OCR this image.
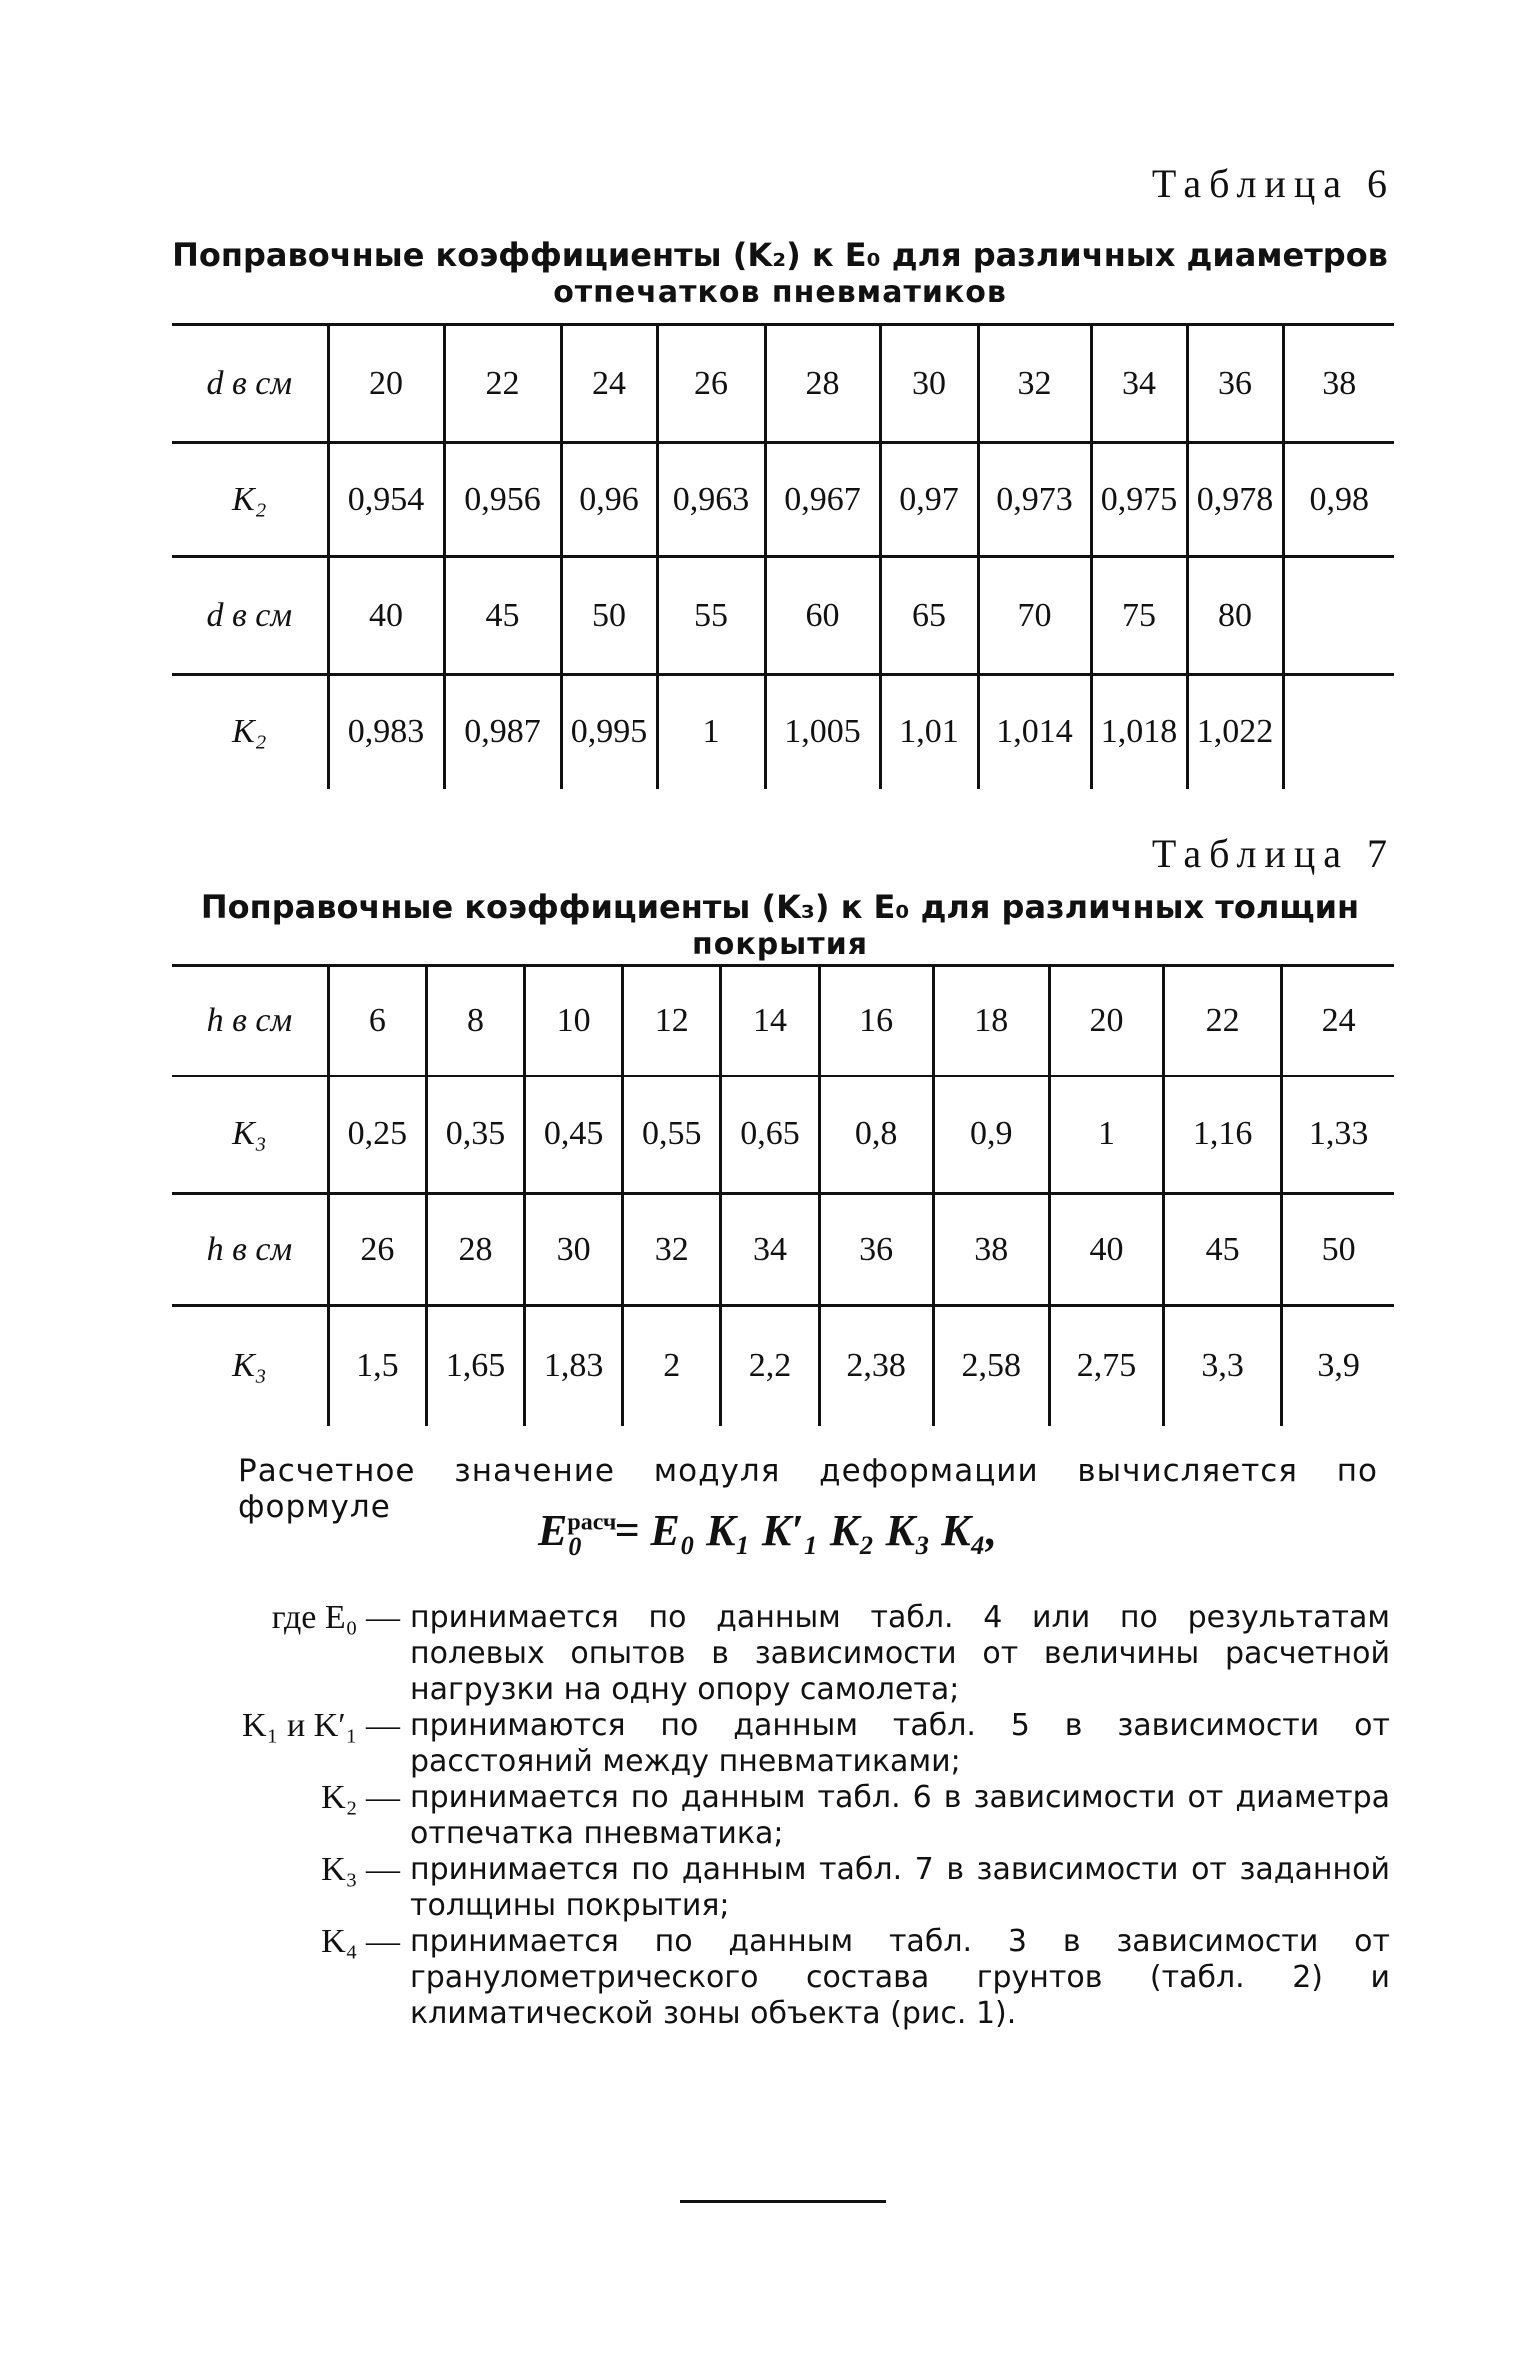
Таблица 6
Поправочные коэффициенты (K₂) к E₀ для различных диаметров
отпечатков пневматиков
d в см	20	22	24	26	28	30	32	34	36	38
K₂	0,954	0,956	0,96	0,963	0,967	0,97	0,973	0,975	0,978	0,98
d в см	40	45	50	55	60	65	70	75	80	
K₂	0,983	0,987	0,995	1	1,005	1,01	1,014	1,018	1,022	
Таблица 7
Поправочные коэффициенты (K₃) к E₀ для различных толщин
покрытия
h в см	6	8	10	12	14	16	18	20	22	24
K₃	0,25	0,35	0,45	0,55	0,65	0,8	0,9	1	1,16	1,33
h в см	26	28	30	32	34	36	38	40	45	50
K₃	1,5	1,65	1,83	2	2,2	2,38	2,58	2,75	3,3	3,9
Расчетное значение модуля деформации вычисляется по формуле	$E^{расч}_0 = E_0$ K₁ K′₁ K₂ K₃ K₄,
где E₀ — принимается по данным табл. 4 или по результатам полевых опытов в зависимости от величины расчетной нагрузки на одну опору самолета;
K₁ и K′₁ — принимаются по данным табл. 5 в зависимости от расстояний между пневматиками;
K₂ — принимается по данным табл. 6 в зависимости от диаметра отпечатка пневматика;
K₃ — принимается по данным табл. 7 в зависимости от заданной толщины покрытия;
K₄ — принимается по данным табл. 3 в зависимости от гранулометрического состава грунтов (табл. 2) и климатической зоны объекта (рис. 1).
